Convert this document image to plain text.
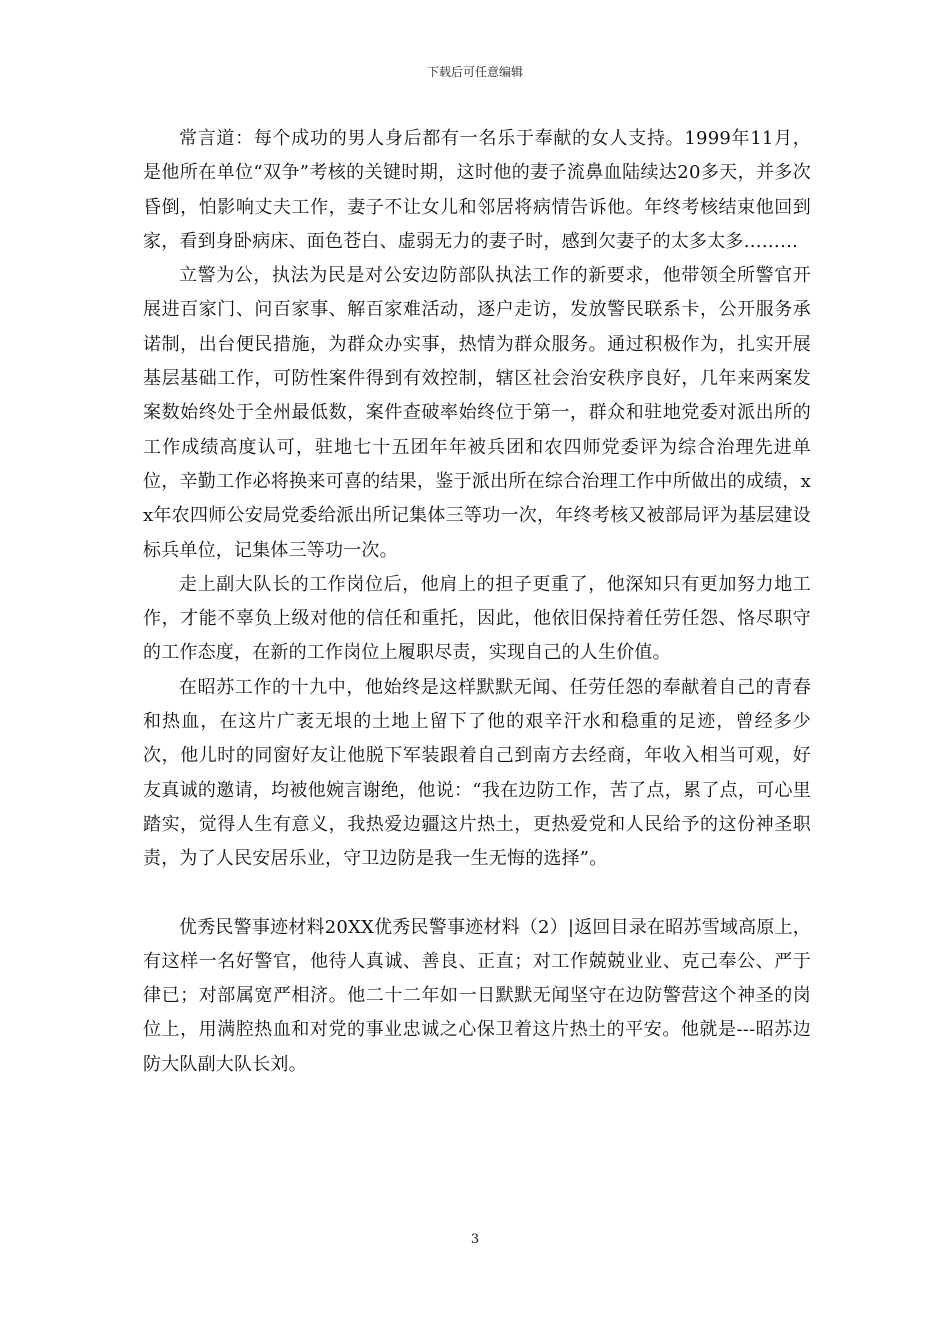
下载后可任意编辑

常言道：每个成功的男人身后都有一名乐于奉献的女人支持。1999年11月，是他所在单位“双争”考核的关键时期，这时他的妻子流鼻血陆续达20多天，并多次昏倒，怕影响丈夫工作，妻子不让女儿和邻居将病情告诉他。年终考核结束他回到家，看到身卧病床、面色苍白、虚弱无力的妻子时，感到欠妻子的太多太多………

立警为公，执法为民是对公安边防部队执法工作的新要求，他带领全所警官开展进百家门、问百家事、解百家难活动，逐户走访，发放警民联系卡，公开服务承诺制，出台便民措施，为群众办实事，热情为群众服务。通过积极作为，扎实开展基层基础工作，可防性案件得到有效控制，辖区社会治安秩序良好，几年来两案发案数始终处于全州最低数，案件查破率始终位于第一，群众和驻地党委对派出所的工作成绩高度认可，驻地七十五团年年被兵团和农四师党委评为综合治理先进单位，辛勤工作必将换来可喜的结果，鉴于派出所在综合治理工作中所做出的成绩，xx年农四师公安局党委给派出所记集体三等功一次，年终考核又被部局评为基层建设标兵单位，记集体三等功一次。

走上副大队长的工作岗位后，他肩上的担子更重了，他深知只有更加努力地工作，才能不辜负上级对他的信任和重托，因此，他依旧保持着任劳任怨、恪尽职守的工作态度，在新的工作岗位上履职尽责，实现自己的人生价值。

在昭苏工作的十九中，他始终是这样默默无闻、任劳任怨的奉献着自己的青春和热血，在这片广袤无垠的土地上留下了他的艰辛汗水和稳重的足迹，曾经多少次，他儿时的同窗好友让他脱下军装跟着自己到南方去经商，年收入相当可观，好友真诚的邀请，均被他婉言谢绝，他说：“我在边防工作，苦了点，累了点，可心里踏实，觉得人生有意义，我热爱边疆这片热土，更热爱党和人民给予的这份神圣职责，为了人民安居乐业，守卫边防是我一生无悔的选择”。

优秀民警事迹材料20XX优秀民警事迹材料（2）|返回目录在昭苏雪域高原上，有这样一名好警官，他待人真诚、善良、正直；对工作兢兢业业、克己奉公、严于律已；对部属宽严相济。他二十二年如一日默默无闻坚守在边防警营这个神圣的岗位上，用满腔热血和对党的事业忠诚之心保卫着这片热土的平安。他就是---昭苏边防大队副大队长刘。

3
